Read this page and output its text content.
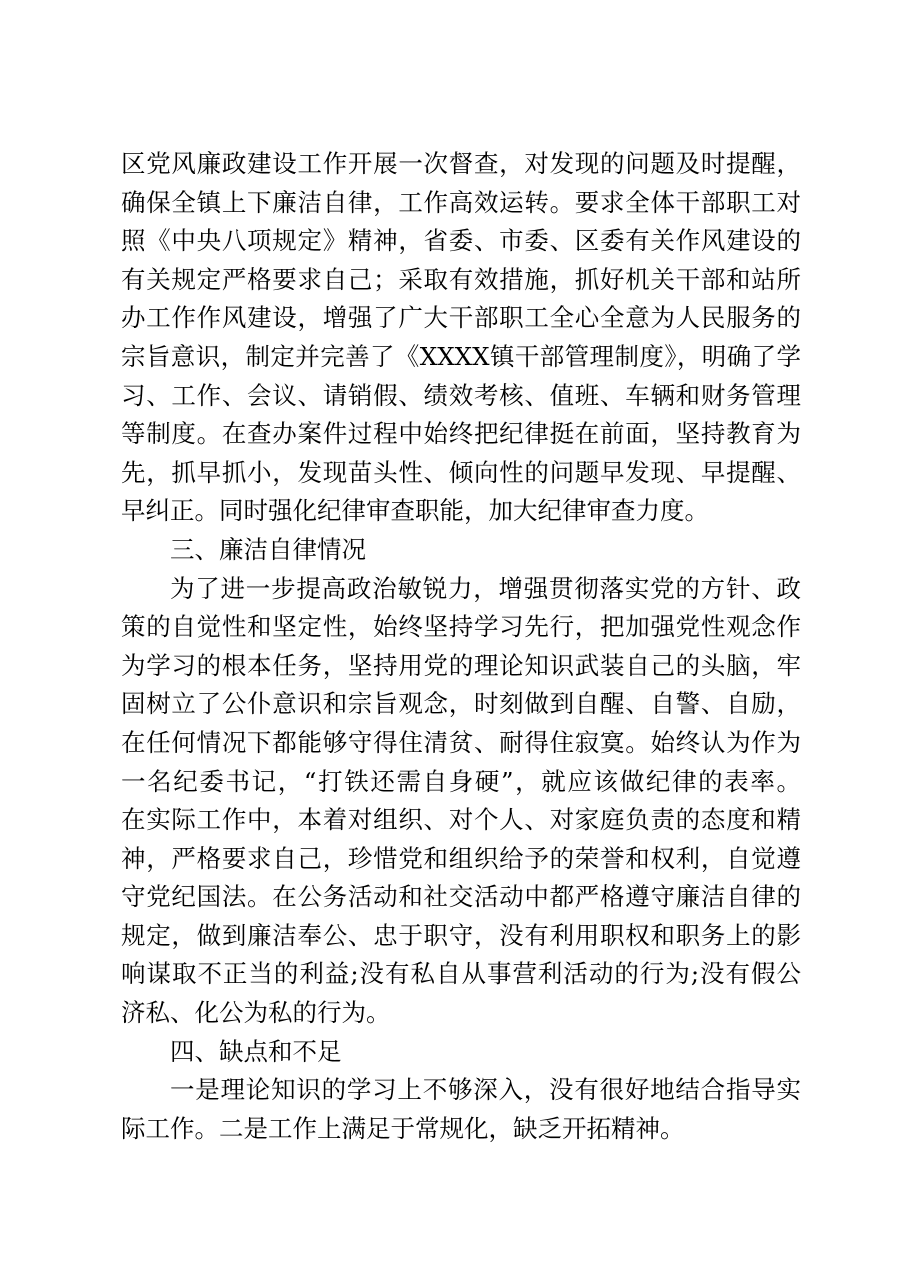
区党风廉政建设工作开展一次督查，对发现的问题及时提醒，
确保全镇上下廉洁自律，工作高效运转。要求全体干部职工对
照《中央八项规定》精神，省委、市委、区委有关作风建设的
有关规定严格要求自己；采取有效措施，抓好机关干部和站所
办工作作风建设，增强了广大干部职工全心全意为人民服务的
宗旨意识，制定并完善了《XXXX镇干部管理制度》，明确了学
习、工作、会议、请销假、绩效考核、值班、车辆和财务管理
等制度。在查办案件过程中始终把纪律挺在前面，坚持教育为
先，抓早抓小，发现苗头性、倾向性的问题早发现、早提醒、
早纠正。同时强化纪律审查职能，加大纪律审查力度。
三、廉洁自律情况
为了进一步提高政治敏锐力，增强贯彻落实党的方针、政
策的自觉性和坚定性，始终坚持学习先行，把加强党性观念作
为学习的根本任务，坚持用党的理论知识武装自己的头脑，牢
固树立了公仆意识和宗旨观念，时刻做到自醒、自警、自励，
在任何情况下都能够守得住清贫、耐得住寂寞。始终认为作为
一名纪委书记，“打铁还需自身硬”，就应该做纪律的表率。
在实际工作中，本着对组织、对个人、对家庭负责的态度和精
神，严格要求自己，珍惜党和组织给予的荣誉和权利，自觉遵
守党纪国法。在公务活动和社交活动中都严格遵守廉洁自律的
规定，做到廉洁奉公、忠于职守，没有利用职权和职务上的影
响谋取不正当的利益;没有私自从事营利活动的行为;没有假公
济私、化公为私的行为。
四、缺点和不足
一是理论知识的学习上不够深入，没有很好地结合指导实
际工作。二是工作上满足于常规化，缺乏开拓精神。
